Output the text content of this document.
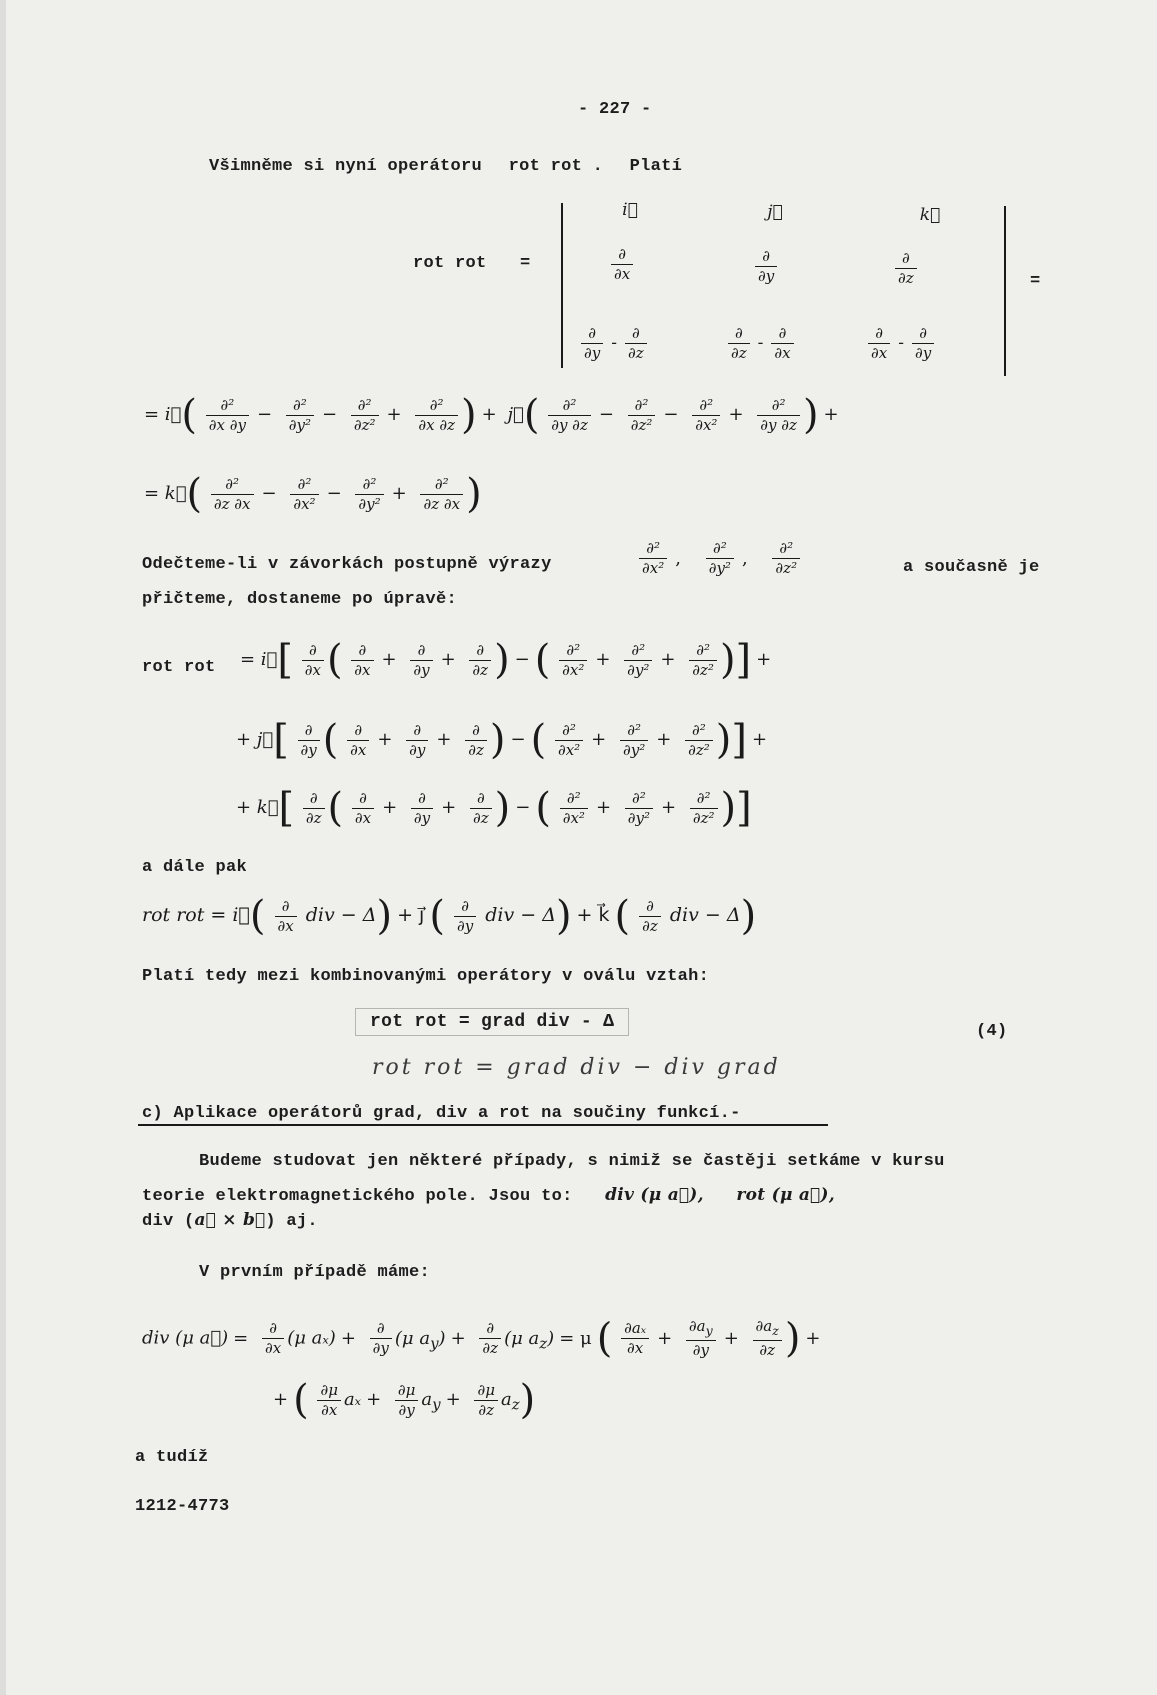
- 227 -
Všimněme si nyní operátoru rot rot . Platí
rot rot =
=
i⃗	j⃗	k⃗
$\frac{\partial}{\partial x}$	$\frac{\partial}{\partial y}$	$\frac{\partial}{\partial z}$
$\frac{\partial}{\partial y} - \frac{\partial}{\partial z}$	$\frac{\partial}{\partial z} - \frac{\partial}{\partial x}$	$\frac{\partial}{\partial x} - \frac{\partial}{\partial y}$
= i⃗( $\frac{\text{∂²}}{\partial x \partial y} - \frac{\text{∂²}}{\text{∂y²}} - \frac{\text{∂²}}{\text{∂z²}} + \frac{\text{∂²}}{\partial x \partial z}$ ) + j⃗( $\frac{\text{∂²}}{\partial y \partial z} - \frac{\text{∂²}}{\text{∂z²}} - \frac{\text{∂²}}{\text{∂x²}} + \frac{\text{∂²}}{\partial y \partial z}$ ) +
= k⃗( $\frac{\text{∂²}}{\partial z \partial x} - \frac{\text{∂²}}{\text{∂x²}} - \frac{\text{∂²}}{\text{∂y²}} + \frac{\text{∂²}}{\partial z \partial x}$ )
Odečteme-li v závorkách postupně výrazy	$\frac{\text{∂²}}{\text{∂x²}}$ , $\frac{\text{∂²}}{\text{∂y²}}$ , $\frac{\text{∂²}}{\text{∂z²}}$	a současně je
přičteme, dostaneme po úpravě:
rot rot = i⃗[ $\frac{\partial}{\partial x}$ ( $\frac{\partial}{\partial x} + \frac{\partial}{\partial y} + \frac{\partial}{\partial z}$ ) − ( $\frac{\text{∂²}}{\text{∂x²}} + \frac{\text{∂²}}{\text{∂y²}} + \frac{\text{∂²}}{\text{∂z²}}$ )] +
+ j⃗[ $\frac{\partial}{\partial y}$ ( $\frac{\partial}{\partial x} + \frac{\partial}{\partial y} + \frac{\partial}{\partial z}$ ) − ( $\frac{\text{∂²}}{\text{∂x²}} + \frac{\text{∂²}}{\text{∂y²}} + \frac{\text{∂²}}{\text{∂z²}}$ )] +
+ k⃗[ $\frac{\partial}{\partial z}$ ( $\frac{\partial}{\partial x} + \frac{\partial}{\partial y} + \frac{\partial}{\partial z}$ ) − ( $\frac{\text{∂²}}{\text{∂x²}} + \frac{\text{∂²}}{\text{∂y²}} + \frac{\text{∂²}}{\text{∂z²}}$ )]
a dále pak
rot rot = i⃗( $\frac{\partial}{\partial x}$ div − Δ) + j⃗ ( $\frac{\partial}{\partial y}$ div − Δ) + k⃗ ( $\frac{\partial}{\partial z}$ div − Δ)
Platí tedy mezi kombinovanými operátory v oválu vztah:
rot rot = grad div - Δ	(4)
rot rot = grad div − div grad
c) Aplikace operátorů grad, div a rot na součiny funkcí.-
Budeme studovat jen některé případy, s nimiž se častěji setkáme v kursu
teorie elektromagnetického pole. Jsou to: div (μ a⃗), rot (μ a⃗),
div (a⃗ × b⃗) aj.
V prvním případě máme:
div (μ a⃗) = $\frac{\partial}{\partial x} (\mu$ $a_x) + \frac{\partial}{\partial y} (\mu$ $a_y) + \frac{\partial}{\partial z} (\mu$ $a_z) = \mu$ ( $\frac{\text{∂aₓ}}{\partial x} + \frac{\partial a_y}{\partial y} + \frac{\partial a_z}{\partial z}$ ) +
+ ( $\frac{\partial\mu}{\partial x}$ $a_x + \frac{\partial\mu}{\partial y} a_y + \frac{\partial\mu}{\partial z} a_z$)
a tudíž
1212-4773
